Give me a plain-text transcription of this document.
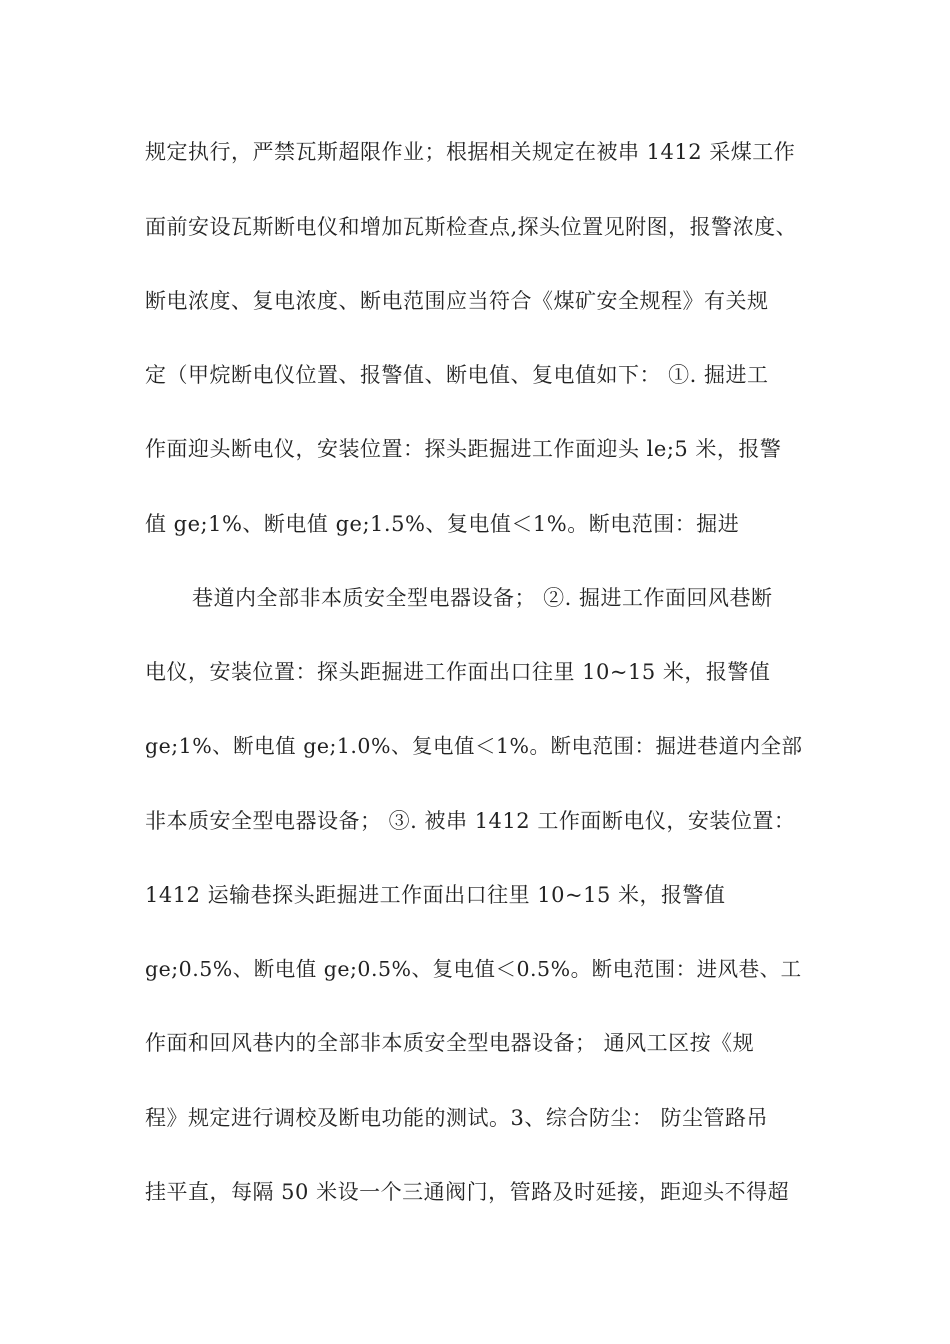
规定执行，严禁瓦斯超限作业；根据相关规定在被串 1412 采煤工作
面前安设瓦斯断电仪和增加瓦斯检查点,探头位置见附图，报警浓度、
断电浓度、复电浓度、断电范围应当符合《煤矿安全规程》有关规
定（甲烷断电仪位置、报警值、断电值、复电值如下： ①. 掘进工
作面迎头断电仪，安装位置：探头距掘进工作面迎头 le;5 米，报警
值 ge;1%、断电值 ge;1.5%、复电值＜1%。断电范围：掘进
巷道内全部非本质安全型电器设备； ②. 掘进工作面回风巷断
电仪，安装位置：探头距掘进工作面出口往里 10~15 米，报警值
ge;1%、断电值 ge;1.0%、复电值＜1%。断电范围：掘进巷道内全部
非本质安全型电器设备； ③. 被串 1412 工作面断电仪，安装位置：
1412 运输巷探头距掘进工作面出口往里 10~15 米，报警值
ge;0.5%、断电值 ge;0.5%、复电值＜0.5%。断电范围：进风巷、工
作面和回风巷内的全部非本质安全型电器设备； 通风工区按《规
程》规定进行调校及断电功能的测试。3、综合防尘： 防尘管路吊
挂平直，每隔 50 米设一个三通阀门，管路及时延接，距迎头不得超
